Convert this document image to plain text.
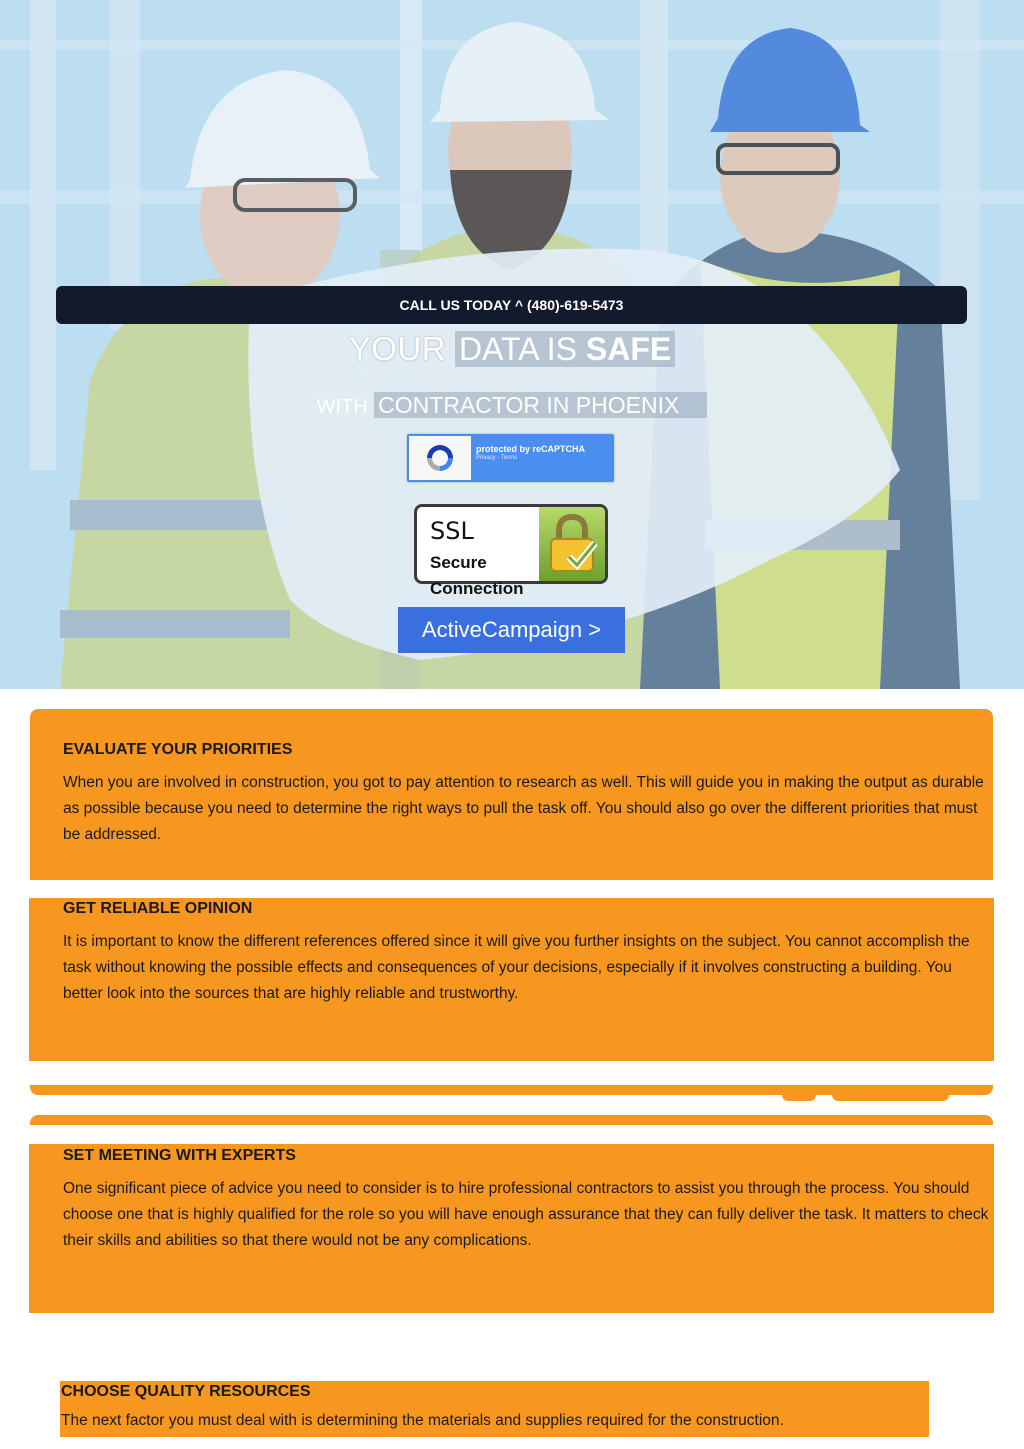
CALL US TODAY ^ (480)-619-5473
YOUR DATA IS SAFE
WITH CONTRACTOR IN PHOENIX
protected by reCAPTCHA
Privacy - Terms
SSL
Secure
Connection
ActiveCampaign >
EVALUATE YOUR PRIORITIES

When you are involved in construction, you got to pay attention to research as well. This will guide you in making the output as durable as possible because you need to determine the right ways to pull the task off. You should also go over the different priorities that must be addressed.

GET RELIABLE OPINION

It is important to know the different references offered since it will give you further insights on the subject. You cannot accomplish the task without knowing the possible effects and consequences of your decisions, especially if it involves constructing a building. You better look into the sources that are highly reliable and trustworthy.

SET MEETING WITH EXPERTS

One significant piece of advice you need to consider is to hire professional contractors to assist you through the process. You should choose one that is highly qualified for the role so you will have enough assurance that they can fully deliver the task. It matters to check their skills and abilities so that there would not be any complications.

CHOOSE QUALITY RESOURCES

The next factor you must deal with is determining the materials and supplies required for the construction.
